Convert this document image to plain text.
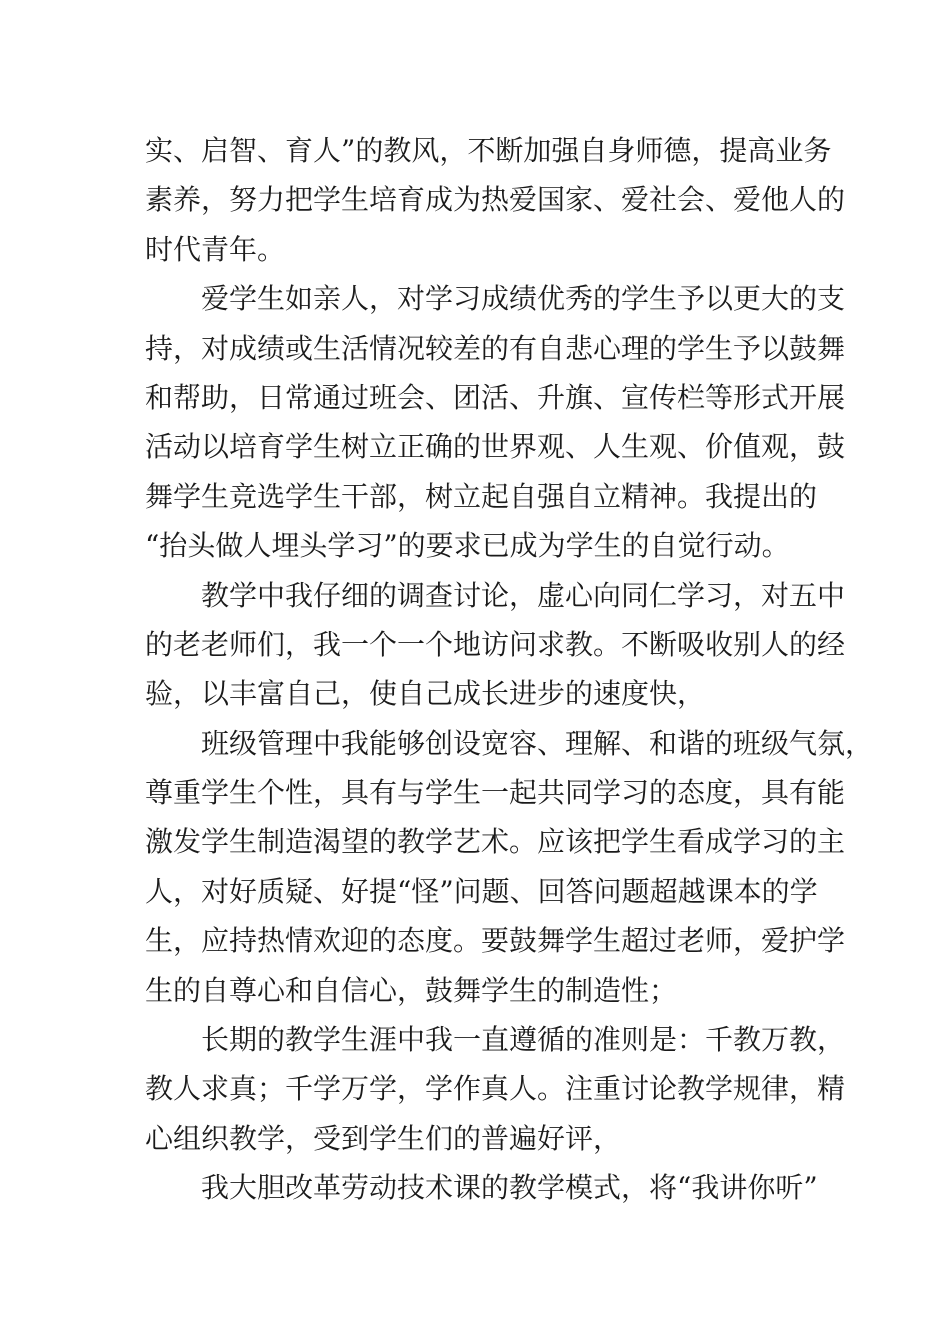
实、启智、育人”的教风，不断加强自身师德，提高业务
素养，努力把学生培育成为热爱国家、爱社会、爱他人的
时代青年。
爱学生如亲人，对学习成绩优秀的学生予以更大的支
持，对成绩或生活情况较差的有自悲心理的学生予以鼓舞
和帮助，日常通过班会、团活、升旗、宣传栏等形式开展
活动以培育学生树立正确的世界观、人生观、价值观，鼓
舞学生竞选学生干部，树立起自强自立精神。我提出的
“抬头做人埋头学习”的要求已成为学生的自觉行动。
教学中我仔细的调查讨论，虚心向同仁学习，对五中
的老老师们，我一个一个地访问求教。不断吸收别人的经
验，以丰富自己，使自己成长进步的速度快，
班级管理中我能够创设宽容、理解、和谐的班级气氛，
尊重学生个性，具有与学生一起共同学习的态度，具有能
激发学生制造渴望的教学艺术。应该把学生看成学习的主
人，对好质疑、好提“怪”问题、回答问题超越课本的学
生，应持热情欢迎的态度。要鼓舞学生超过老师，爱护学
生的自尊心和自信心，鼓舞学生的制造性；
长期的教学生涯中我一直遵循的准则是：千教万教，
教人求真；千学万学，学作真人。注重讨论教学规律，精
心组织教学，受到学生们的普遍好评，
我大胆改革劳动技术课的教学模式，将“我讲你听”
